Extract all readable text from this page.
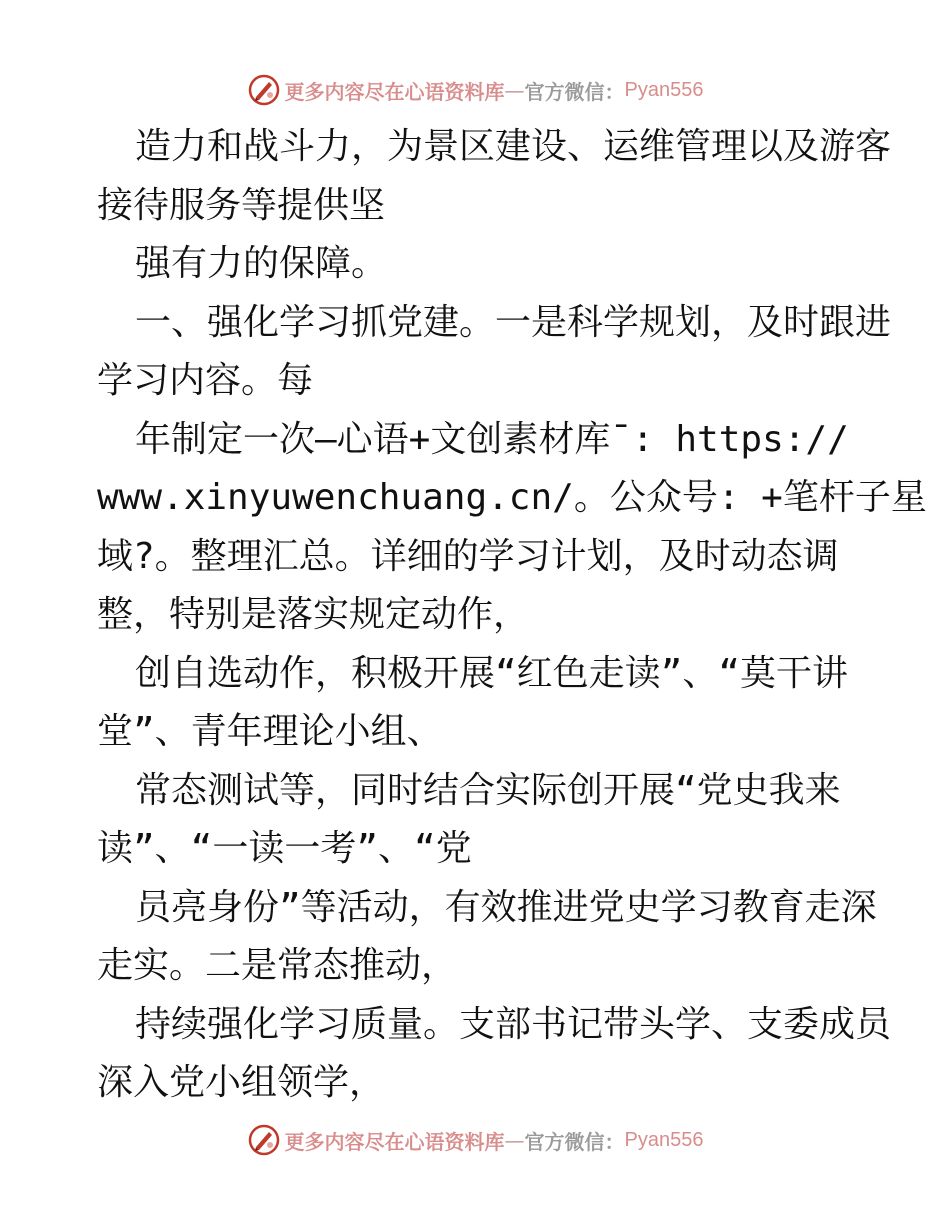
更多内容尽在心语资料库 — 官方微信： Pyan556
造力和战斗力，为景区建设、运维管理以及游客
接待服务等提供坚
强有力的保障。
一、强化学习抓党建。一是科学规划，及时跟进
学习内容。每
年制定一次—心语+文创素材库¯: https://
www.xinyuwenchuang.cn/。公众号: +笔杆子星
域?。整理汇总。详细的学习计划，及时动态调
整，特别是落实规定动作，
创自选动作，积极开展“红色走读”、“莫干讲
堂”、青年理论小组、
常态测试等，同时结合实际创开展“党史我来
读”、“一读一考”、“党
员亮身份”等活动，有效推进党史学习教育走深
走实。二是常态推动，
持续强化学习质量。支部书记带头学、支委成员
深入党小组领学，
更多内容尽在心语资料库 — 官方微信： Pyan556
